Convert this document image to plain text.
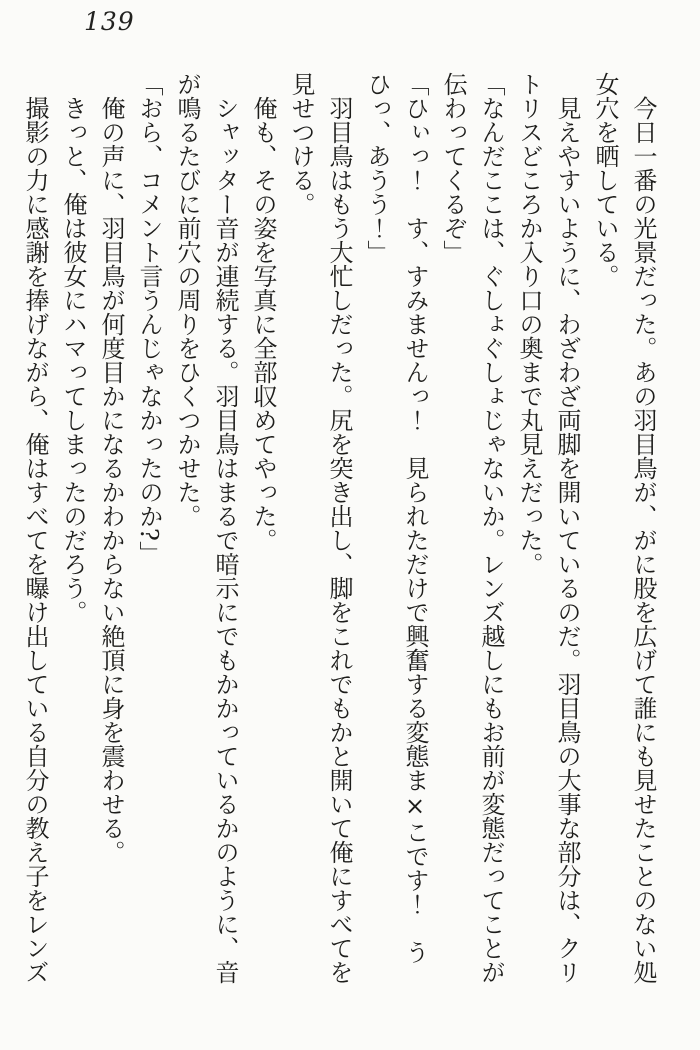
139

今日一番の光景だった。あの羽目鳥が、がに股を広げて誰にも見せたことのない処女穴を晒している。

見えやすいように、わざわざ両脚を開いているのだ。羽目鳥の大事な部分は、クリトリスどころか入り口の奥まで丸見えだった。

「なんだここは、ぐしょぐしょじゃないか。レンズ越しにもお前が変態だってことが伝わってくるぞ」

「ひぃっ！　す、すみませんっ！　見られただけで興奮する変態ま×こです！　うひっ、あうう！」

羽目鳥はもう大忙しだった。尻を突き出し、脚をこれでもかと開いて俺にすべてを見せつける。

俺も、その姿を写真に全部収めてやった。

シャッター音が連続する。羽目鳥はまるで暗示にでもかかっているかのように、音が鳴るたびに前穴の周りをひくつかせた。

「おら、コメント言うんじゃなかったのか?」

俺の声に、羽目鳥が何度目かになるかわからない絶頂に身を震わせる。

きっと、俺は彼女にハマってしまったのだろう。

撮影の力に感謝を捧げながら、俺はすべてを曝け出している自分の教え子をレンズ
